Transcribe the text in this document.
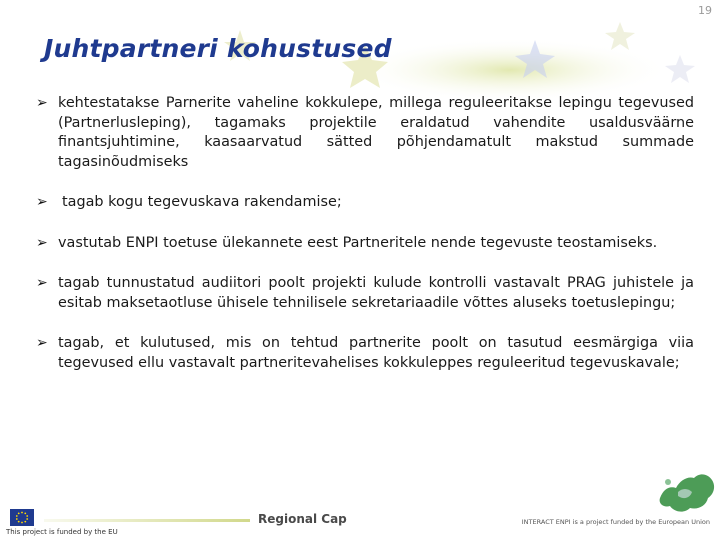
19
Juhtpartneri kohustused
➢ kehtestatakse Parnerite vaheline kokkulepe, millega reguleeritakse lepingu tegevused (Partnerlusleping), tagamaks projektile eraldatud vahendite usaldusväärne finantsjuhtimine, kaasaarvatud sätted põhjendamatult makstud summade tagasinõudmiseks
➢ tagab kogu tegevuskava rakendamise;
➢ vastutab ENPI toetuse ülekannete eest Partneritele nende tegevuste teostamiseks.
➢ tagab tunnustatud audiitori poolt projekti kulude kontrolli vastavalt PRAG juhistele ja esitab maksetaotluse ühisele tehnilisele sekretariaadile võttes aluseks toetuslepingu;
➢ tagab, et kulutused, mis on tehtud partnerite poolt on tasutud eesmärgiga viia tegevused ellu vastavalt partneritevahelises kokkuleppes reguleeritud tegevuskavale;
This project is funded by the EU
Regional Cap	INTERACT ENPI is a project funded by the European Union
